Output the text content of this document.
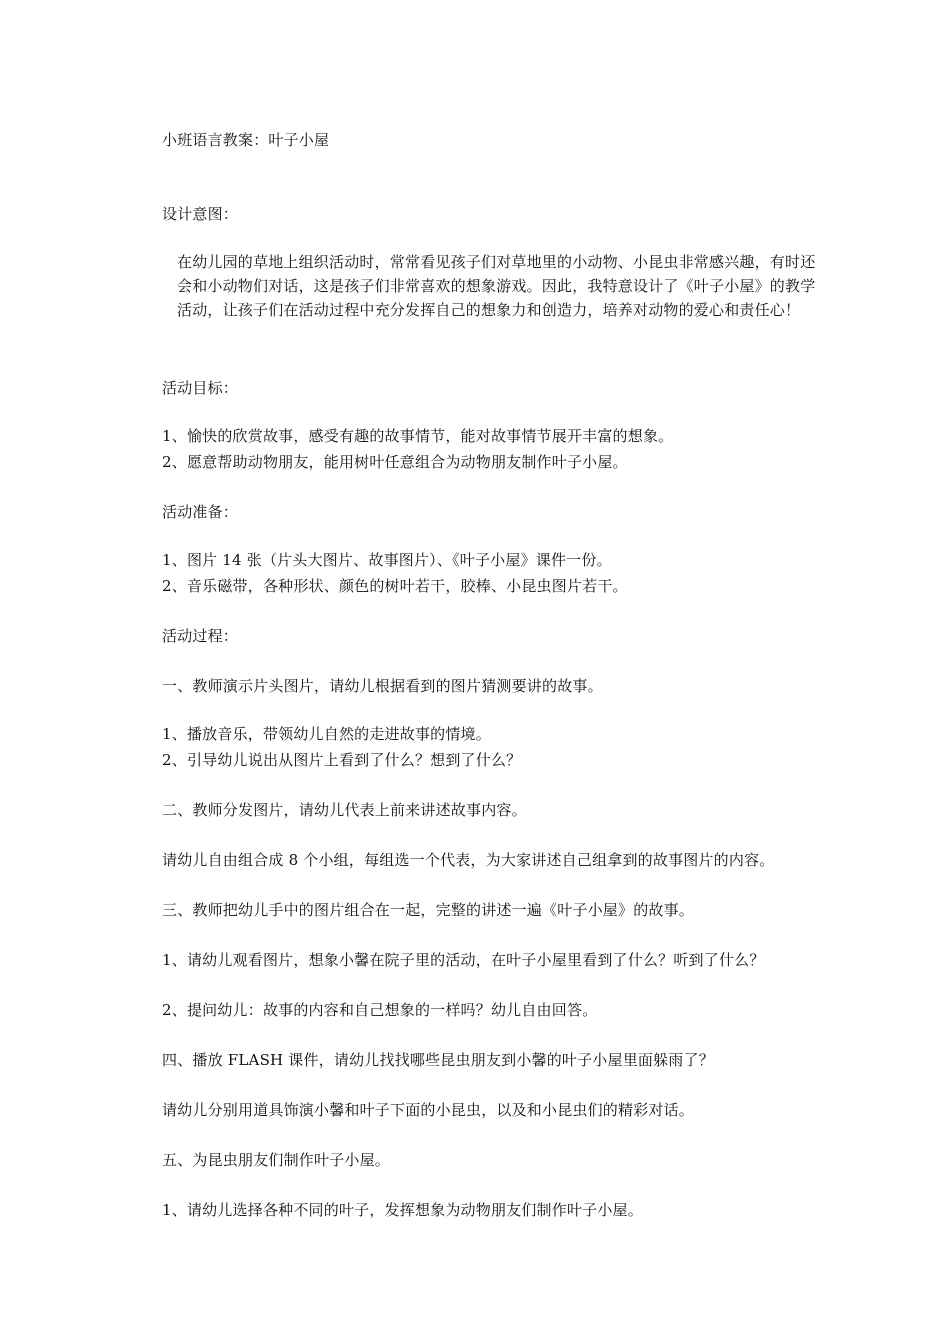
小班语言教案：叶子小屋
设计意图：
在幼儿园的草地上组织活动时，常常看见孩子们对草地里的小动物、小昆虫非常感兴趣，有时还会和小动物们对话，这是孩子们非常喜欢的想象游戏。因此，我特意设计了《叶子小屋》的教学活动，让孩子们在活动过程中充分发挥自己的想象力和创造力，培养对动物的爱心和责任心！
活动目标：
1、愉快的欣赏故事，感受有趣的故事情节，能对故事情节展开丰富的想象。
2、愿意帮助动物朋友，能用树叶任意组合为动物朋友制作叶子小屋。
活动准备：
1、图片 14 张（片头大图片、故事图片）、《叶子小屋》课件一份。
2、音乐磁带，各种形状、颜色的树叶若干，胶棒、小昆虫图片若干。
活动过程：
一、教师演示片头图片，请幼儿根据看到的图片猜测要讲的故事。
1、播放音乐，带领幼儿自然的走进故事的情境。
2、引导幼儿说出从图片上看到了什么？想到了什么？
二、教师分发图片，请幼儿代表上前来讲述故事内容。
请幼儿自由组合成 8 个小组，每组选一个代表，为大家讲述自己组拿到的故事图片的内容。
三、教师把幼儿手中的图片组合在一起，完整的讲述一遍《叶子小屋》的故事。
1、请幼儿观看图片，想象小馨在院子里的活动，在叶子小屋里看到了什么？听到了什么？
2、提问幼儿：故事的内容和自己想象的一样吗？幼儿自由回答。
四、播放 FLASH 课件，请幼儿找找哪些昆虫朋友到小馨的叶子小屋里面躲雨了？
请幼儿分别用道具饰演小馨和叶子下面的小昆虫，以及和小昆虫们的精彩对话。
五、为昆虫朋友们制作叶子小屋。
1、请幼儿选择各种不同的叶子，发挥想象为动物朋友们制作叶子小屋。
